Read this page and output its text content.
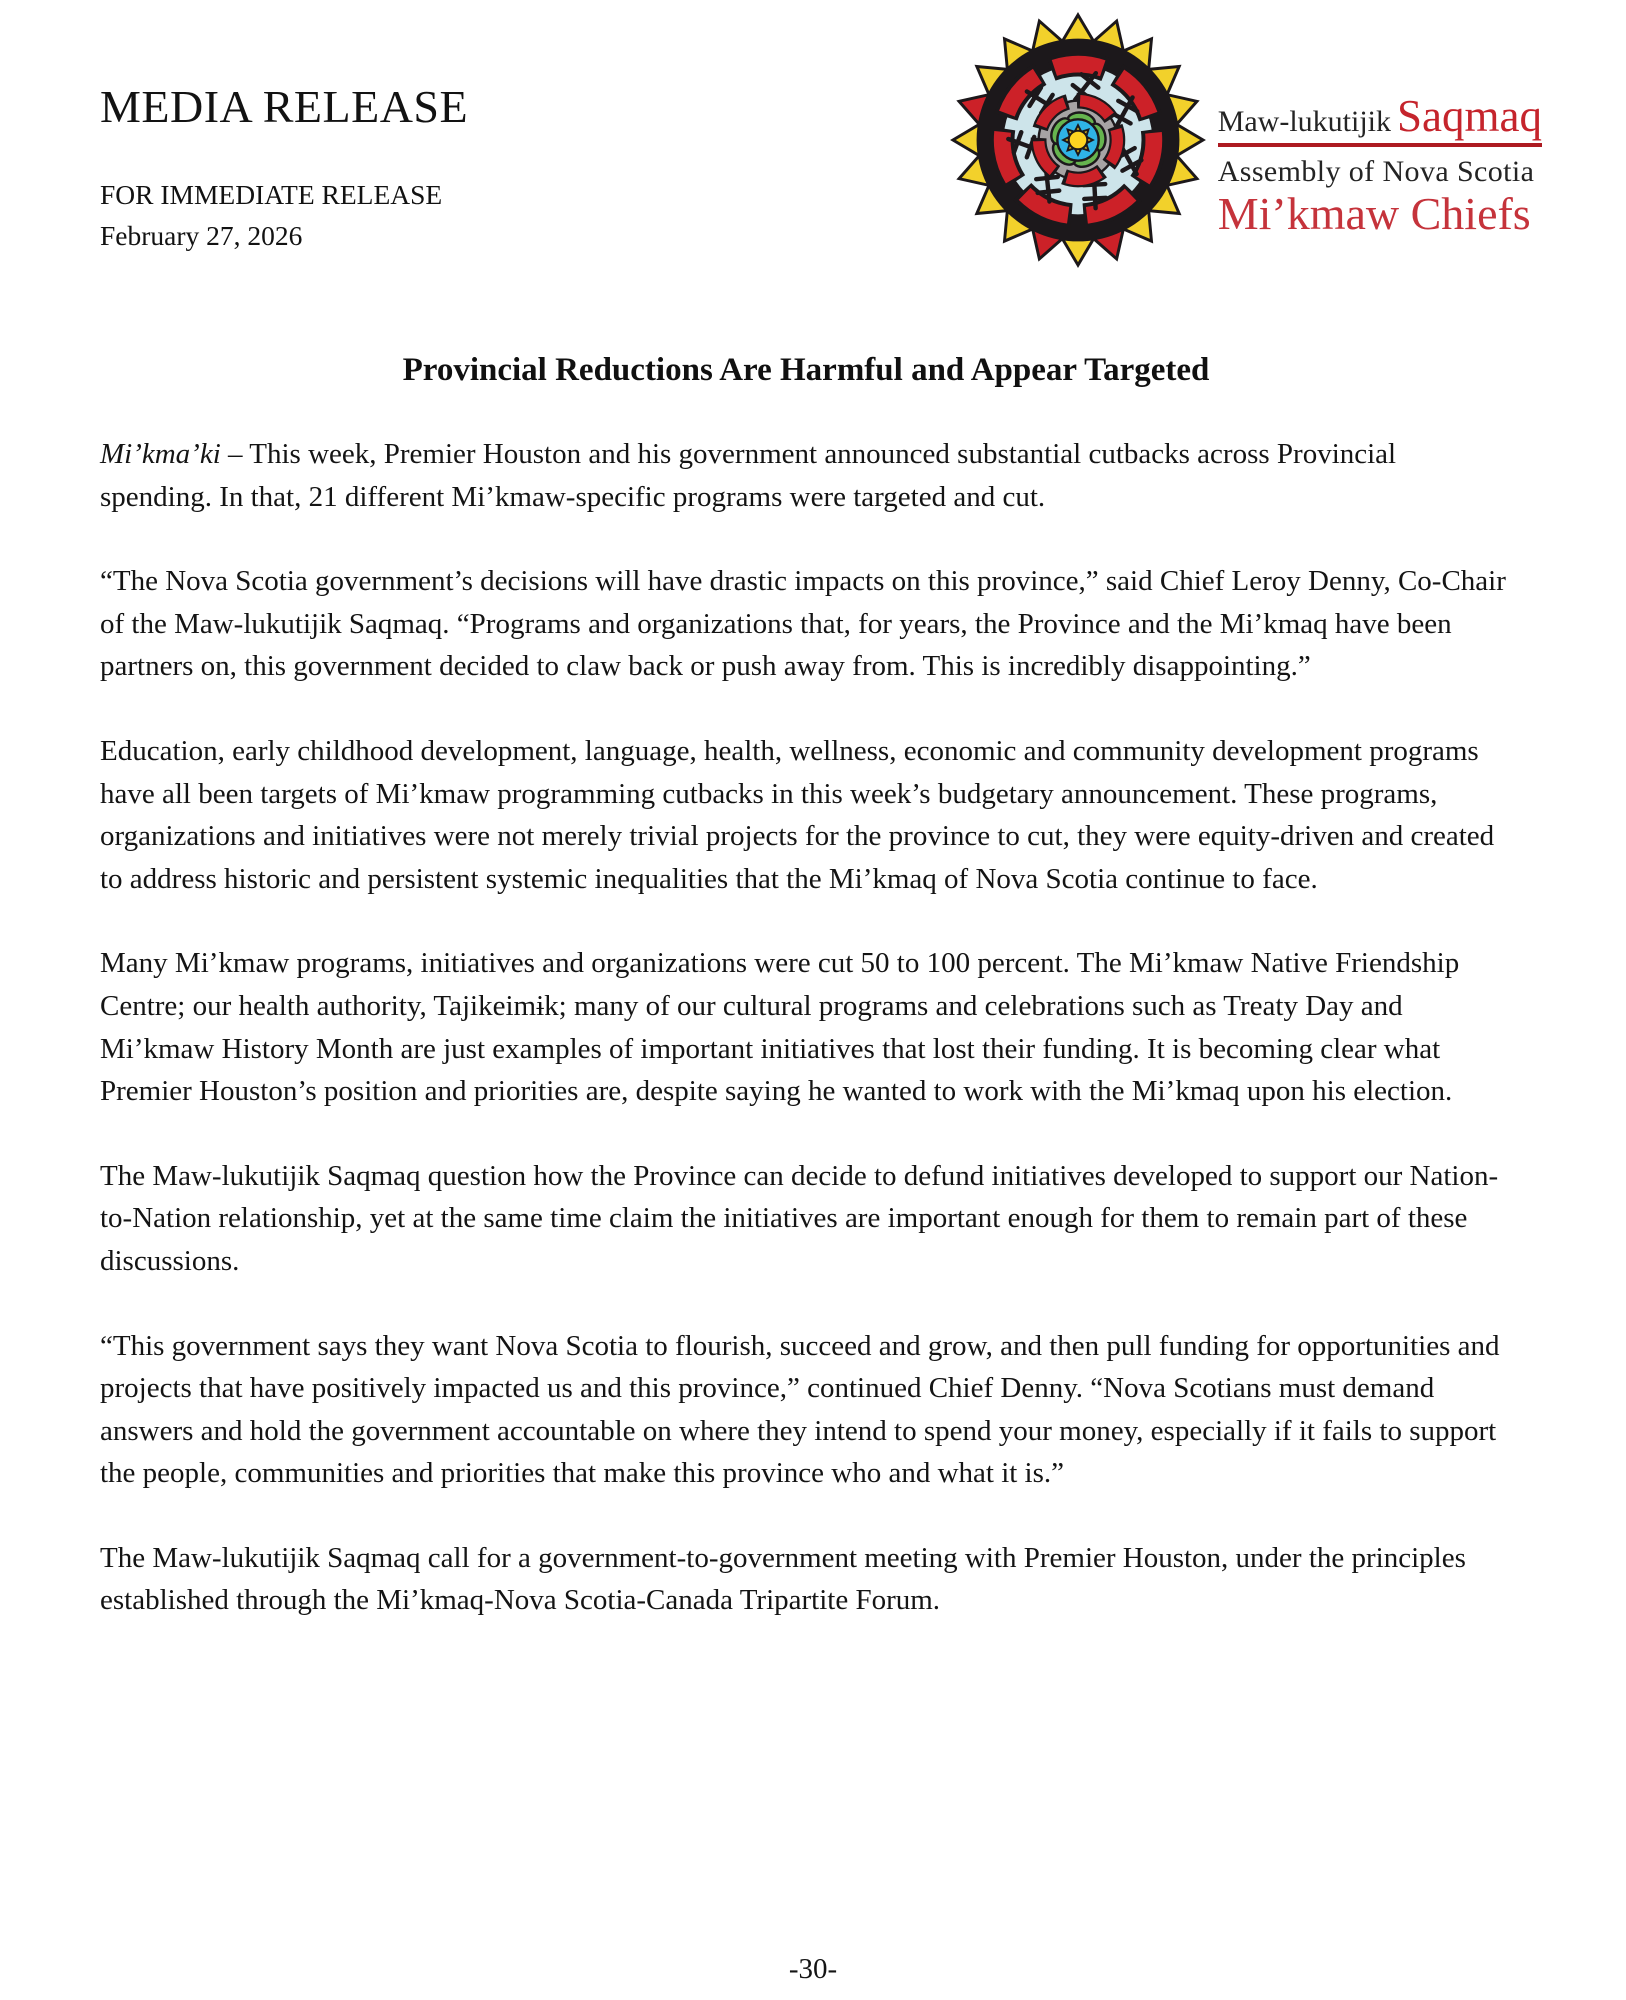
MEDIA RELEASE
FOR IMMEDIATE RELEASE
February 27, 2026
Maw-lukutijik Saqmaq
Assembly of Nova Scotia
Mi’kmaw Chiefs
Provincial Reductions Are Harmful and Appear Targeted

Mi’kma’ki – This week, Premier Houston and his government announced substantial cutbacks across Provincial spending. In that, 21 different Mi’kmaw-specific programs were targeted and cut.

“The Nova Scotia government’s decisions will have drastic impacts on this province,” said Chief Leroy Denny, Co-Chair of the Maw-lukutijik Saqmaq. “Programs and organizations that, for years, the Province and the Mi’kmaq have been partners on, this government decided to claw back or push away from. This is incredibly disappointing.”

Education, early childhood development, language, health, wellness, economic and community development programs have all been targets of Mi’kmaw programming cutbacks in this week’s budgetary announcement. These programs, organizations and initiatives were not merely trivial projects for the province to cut, they were equity-driven and created to address historic and persistent systemic inequalities that the Mi’kmaq of Nova Scotia continue to face.

Many Mi’kmaw programs, initiatives and organizations were cut 50 to 100 percent. The Mi’kmaw Native Friendship Centre; our health authority, Tajikeimɨk; many of our cultural programs and celebrations such as Treaty Day and Mi’kmaw History Month are just examples of important initiatives that lost their funding. It is becoming clear what Premier Houston’s position and priorities are, despite saying he wanted to work with the Mi’kmaq upon his election.

The Maw-lukutijik Saqmaq question how the Province can decide to defund initiatives developed to support our Nation-to-Nation relationship, yet at the same time claim the initiatives are important enough for them to remain part of these discussions.

“This government says they want Nova Scotia to flourish, succeed and grow, and then pull funding for opportunities and projects that have positively impacted us and this province,” continued Chief Denny. “Nova Scotians must demand answers and hold the government accountable on where they intend to spend your money, especially if it fails to support the people, communities and priorities that make this province who and what it is.”

The Maw-lukutijik Saqmaq call for a government-to-government meeting with Premier Houston, under the principles established through the Mi’kmaq-Nova Scotia-Canada Tripartite Forum.

-30-
